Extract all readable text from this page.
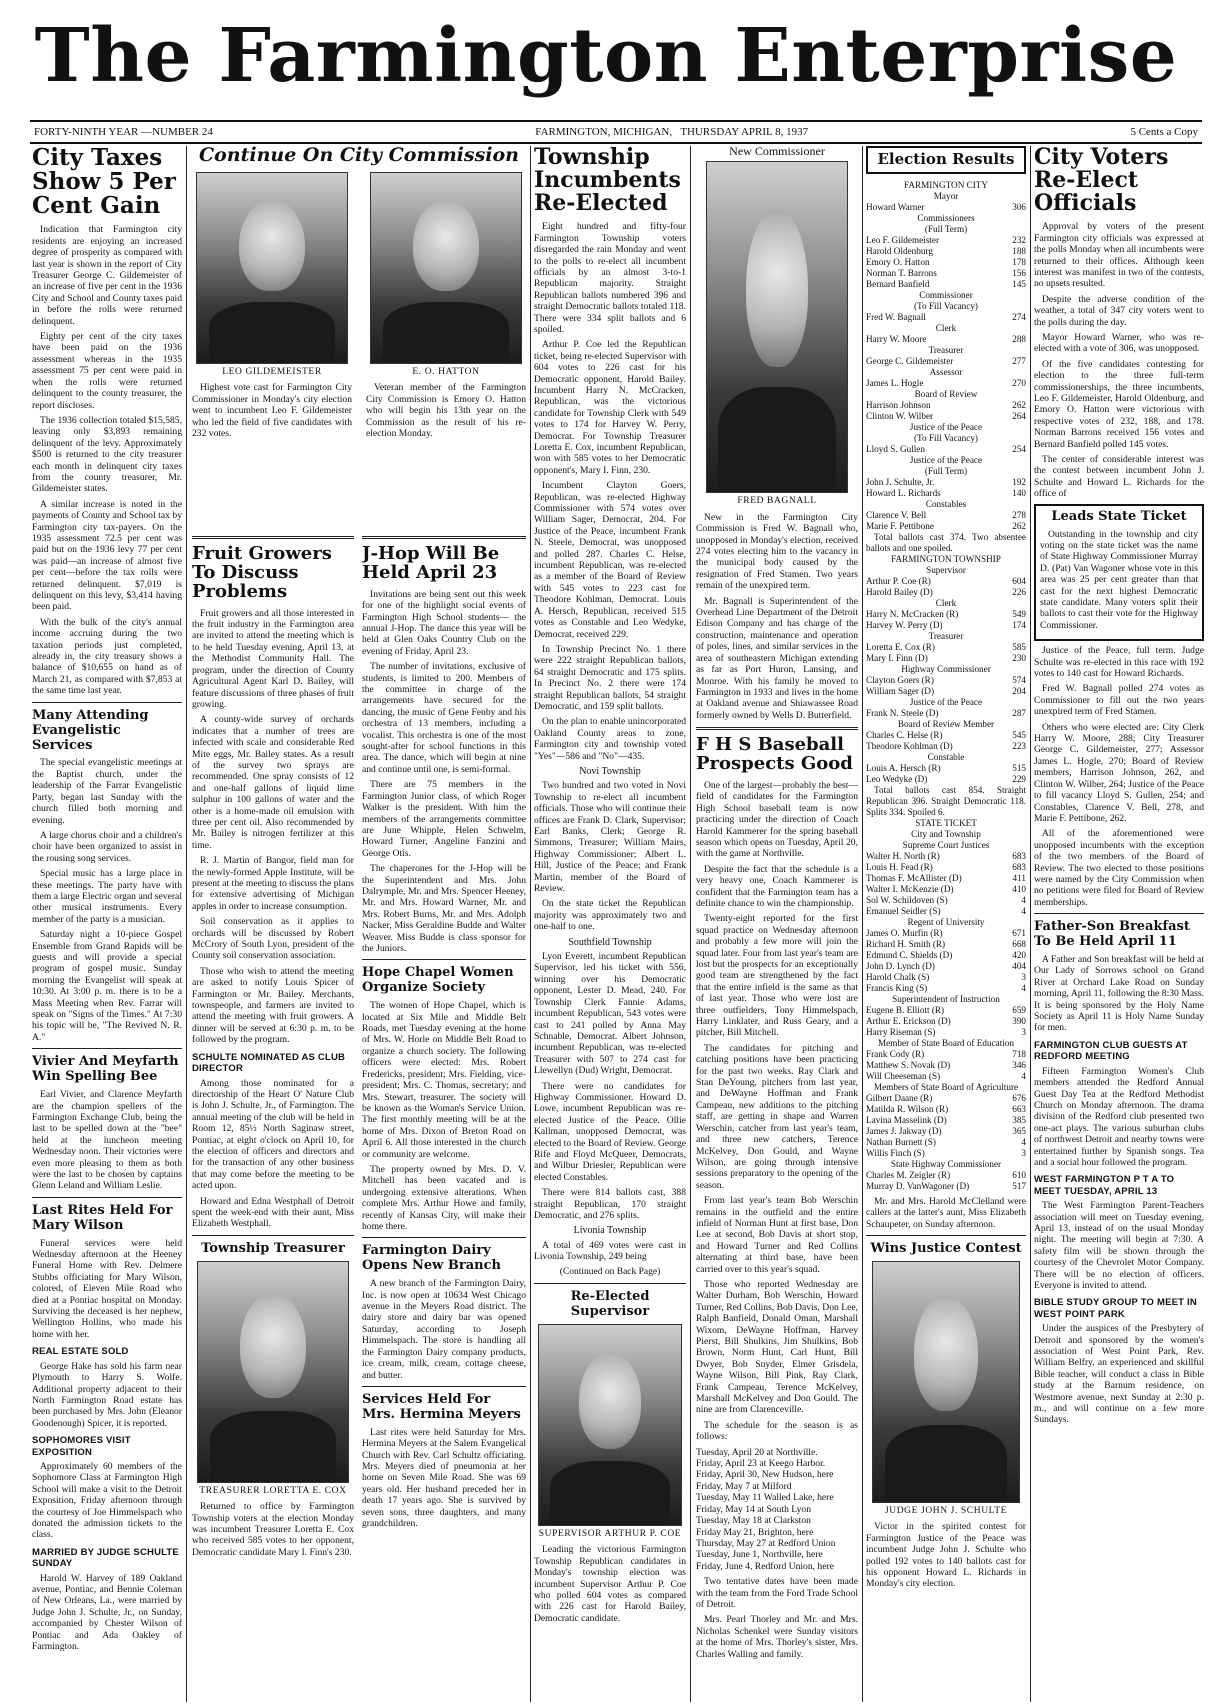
The Farmington Enterprise
FORTY-NINTH YEAR —NUMBER 24	FARMINGTON, MICHIGAN, THURSDAY APRIL 8, 1937	5 Cents a Copy
City Taxes Show 5 Per Cent Gain

Indication that Farmington city residents are enjoying an increased degree of prosperity as compared with last year is shown in the report of City Treasurer George C. Gildemeister of an increase of five per cent in the 1936 City and School and County taxes paid in before the rolls were returned delinquent.

Eighty per cent of the city taxes have been paid on the 1936 assessment whereas in the 1935 assessment 75 per cent were paid in when the rolls were returned delinquent to the county treasurer, the report discloses.

The 1936 collection totaled $15,585, leaving only $3,893 remaining delinquent of the levy. Approximately $500 is returned to the city treasurer each month in delinquent city taxes from the county treasurer, Mr. Gildemeister states.

A similar increase is noted in the payments of County and School tax by Farmington city tax-payers. On the 1935 assessment 72.5 per cent was paid but on the 1936 levy 77 per cent was paid—an increase of almost five per cent—before the tax rolls were returned delinquent. $7,019 is delinquent on this levy, $3,414 having been paid.

With the bulk of the city's annual income accruing during the two taxation periods just completed, already in, the city treasury shows a balance of $10,655 on hand as of March 21, as compared with $7,853 at the same time last year.

Many Attending Evangelistic Services

The special evangelistic meetings at the Baptist church, under the leadership of the Farrar Evangelistic Party, began last Sunday with the church filled both morning and evening.

A large chorus choir and a children's choir have been organized to assist in the rousing song services.

Special music has a large place in these meetings. The party have with them a large Electric organ and several other musical instruments. Every member of the party is a musician.

Saturday night a 10-piece Gospel Ensemble from Grand Rapids will be guests and will provide a special program of gospel music. Sunday morning the Evangelist will speak at 10:30. At 3:00 p. m. there is to be a Mass Meeting when Rev. Farrar will speak on "Signs of the Times." At 7:30 his topic will be, "The Revived N. R. A."

Vivier And Meyfarth Win Spelling Bee

Earl Vivier, and Clarence Meyfarth are the champion spellers of the Farmington Exchange Club, being the last to be spelled down at the "bee" held at the luncheon meeting Wednesday noon. Their victories were even more pleasing to them as both were the last to be chosen by captains Glenn Leland and William Leslie.

Last Rites Held For Mary Wilson

Funeral services were held Wednesday afternoon at the Heeney Funeral Home with Rev. Delmere Stubbs officiating for Mary Wilson, colored, of Eleven Mile Road who died at a Pontiac hospital on Monday. Surviving the deceased is her nephew, Wellington Hollins, who made his home with her.

REAL ESTATE SOLD

George Hake has sold his farm near Plymouth to Harry S. Wolfe. Additional property adjacent to their North Farmington Road estate has been purchased by Mrs. John (Eleanor Goodenough) Spicer, it is reported.

SOPHOMORES VISIT EXPOSITION

Approximately 60 members of the Sophomore Class at Farmington High School will make a visit to the Detroit Exposition, Friday afternoon through the courtesy of Joe Himmelspach who donated the admission tickets to the class.

MARRIED BY JUDGE SCHULTE SUNDAY

Harold W. Harvey of 189 Oakland avenue, Pontiac, and Bennie Coleman of New Orleans, La., were married by Judge John J. Schulte, Jr., on Sunday, accompanied by Chester Wilson of Pontiac and Ada Oakley of Farmington.

Continue On City Commission
LEO GILDEMEISTER

Highest vote cast for Farmington City Commissioner in Monday's city election went to incumbent Leo F. Gildemeister who led the field of five candidates with 232 votes.

E. O. HATTON

Veteran member of the Farmington City Commission is Emory O. Hatton who will begin his 13th year on the Commission as the result of his re-election Monday.

Fruit Growers To Discuss Problems

Fruit growers and all those interested in the fruit industry in the Farmington area are invited to attend the meeting which is to be held Tuesday evening, April 13, at the Methodist Community Hall. The program, under the direction of County Agricultural Agent Karl D. Bailey, will feature discussions of three phases of fruit growing.

A county-wide survey of orchards indicates that a number of trees are infected with scale and considerable Red Mite eggs, Mr. Bailey states. As a result of the survey two sprays are recommended. One spray consists of 12 and one-half gallons of liquid lime sulphur in 100 gallons of water and the other is a home-made oil emulsion with three per cent oil. Also recommended by Mr. Bailey is nitrogen fertilizer at this time.

R. J. Martin of Bangor, field man for the newly-formed Apple Institute, will be present at the meeting to discuss the plans for extensive advertising of Michigan apples in order to increase consumption.

Soil conservation as it applies to orchards will be discussed by Robert McCrory of South Lyon, president of the County soil conservation association.

Those who wish to attend the meeting are asked to notify Louis Spicer of Farmington or Mr. Bailey. Merchants, townspeople, and farmers are invited to attend the meeting with fruit growers. A dinner will be served at 6:30 p. m. to be followed by the program.

SCHULTE NOMINATED AS CLUB DIRECTOR

Among those nominated for a directorship of the Heart O' Nature Club is John J. Schulte, Jr., of Farmington. The annual meeting of the club will be held in Room 12, 85½ North Saginaw street, Pontiac, at eight o'clock on April 10, for the election of officers and directors and for the transaction of any other business that may come before the meeting to be acted upon.

Howard and Edna Westphall of Detroit spent the week-end with their aunt, Miss Elizabeth Westphall.

Township Treasurer
TREASURER LORETTA E. COX

Returned to office by Farmington Township voters at the election Monday was incumbent Treasurer Loretta E. Cox who received 585 votes to her opponent, Democratic candidate Mary I. Finn's 230.

J-Hop Will Be Held April 23

Invitations are being sent out this week for one of the highlight social events of Farmington High School students— the annual J-Hop. The dance this year will be held at Glen Oaks Country Club on the evening of Friday, April 23.

The number of invitations, exclusive of students, is limited to 200. Members of the committee in charge of the arrangements have secured for the dancing, the music of Gene Fenby and his orchestra of 13 members, including a vocalist. This orchestra is one of the most sought-after for school functions in this area. The dance, which will begin at nine and continue until one, is semi-formal.

There are 75 members in the Farmington Junior class, of which Roger Walker is the president. With him the members of the arrangements committee are June Whipple, Helen Schwelm, Howard Turner, Angeline Fanzini and George Otis.

The chaperones for the J-Hop will be the Superintendent and Mrs. John Dalrymple, Mr. and Mrs. Spencer Heeney, Mr. and Mrs. Howard Warner, Mr. and Mrs. Robert Burns, Mr. and Mrs. Adolph Nacker, Miss Geraldine Budde and Walter Weaver. Miss Budde is class sponsor for the Juniors.

Hope Chapel Women Organize Society

The women of Hope Chapel, which is located at Six Mile and Middle Belt Roads, met Tuesday evening at the home of Mrs. W. Horle on Middle Belt Road to organize a church society. The following officers were elected: Mrs. Robert Fredericks, president; Mrs. Fielding, vice-president; Mrs. C. Thomas, secretary; and Mrs. Stewart, treasurer. The society will be known as the Woman's Service Union. The first monthly meeting will be at the home of Mrs. Dixon of Breton Road on April 6. All those interested in the church or community are welcome.

The property owned by Mrs. D. V. Mitchell has been vacated and is undergoing extensive alterations. When complete Mrs. Arthur Howe and family, recently of Kansas City, will make their home there.

Farmington Dairy Opens New Branch

A new branch of the Farmington Dairy, Inc. is now open at 10634 West Chicago avenue in the Meyers Road district. The dairy store and dairy bar was opened Saturday, according to Joseph Himmelspach. The store is handling all the Farmington Dairy company products, ice cream, milk, cream, cottage cheese, and butter.

Services Held For Mrs. Hermina Meyers

Last rites were held Saturday for Mrs. Hermina Meyers at the Salem Evangelical Church with Rev. Carl Schultz officiating. Mrs. Meyers died of pneumonia at her home on Seven Mile Road. She was 69 years old. Her husband preceded her in death 17 years ago. She is survived by seven sons, three daughters, and many grandchildren.

Township Incumbents Re-Elected

Eight hundred and fifty-four Farmington Township voters disregarded the rain Monday and went to the polls to re-elect all incumbent officials by an almost 3-to-1 Republican majority. Straight Republican ballots numbered 396 and straight Democratic ballots totaled 118. There were 334 split ballots and 6 spoiled.

Arthur P. Coe led the Republican ticket, being re-elected Supervisor with 604 votes to 226 cast for his Democratic opponent, Harold Bailey. Incumbent Harry N. McCracken, Republican, was the victorious candidate for Township Clerk with 549 votes to 174 for Harvey W. Perry, Democrat. For Township Treasurer Loretta E. Cox, incumbent Republican, won with 585 votes to her Democratic opponent's, Mary I. Finn, 230.

Incumbent Clayton Goers, Republican, was re-elected Highway Commissioner with 574 votes over William Sager, Democrat, 204. For Justice of the Peace, incumbent Frank N. Steele, Democrat, was unopposed and polled 287. Charles C. Helse, incumbent Republican, was re-elected as a member of the Board of Review with 545 votes to 223 cast for Theodore Kohlman, Democrat. Louis A. Hersch, Republican, received 515 votes as Constable and Leo Wedyke, Democrat, received 229.

In Township Precinct No. 1 there were 222 straight Republican ballots, 64 straight Democratic and 175 splits. In Precinct No. 2 there were 174 straight Republican ballots, 54 straight Democratic, and 159 split ballots.

On the plan to enable unincorporated Oakland County areas to zone, Farmington city and township voted "Yes"—586 and "No"—435.

Novi Township

Two hundred and two voted in Novi Township to re-elect all incumbent officials. Those who will continue their offices are Frank D. Clark, Supervisor; Earl Banks, Clerk; George R. Simmons, Treasurer; William Mairs, Highway Commissioner; Albert L. Hill, Justice of the Peace; and Frank Martin, member of the Board of Review.

On the state ticket the Republican majority was approximately two and one-half to one.

Southfield Township

Lyon Everett, incumbent Republican Supervisor, led his ticket with 556, winning over his Democratic opponent, Lester D. Mead, 240. For Township Clerk Fannie Adams, incumbent Republican, 543 votes were cast to 241 polled by Anna May Schnable, Democrat. Albert Johnson, incumbent Republican, was re-elected Treasurer with 507 to 274 cast for Llewellyn (Dud) Wright, Democrat.

There were no candidates for Highway Commissioner. Howard D. Lowe, incumbent Republican was re-elected Justice of the Peace. Ollie Kallman, unopposed Democrat, was elected to the Board of Review. George Rife and Floyd McQueer, Democrats, and Wilbur Driesler, Republican were elected Constables.

There were 814 ballots cast, 388 straight Republican, 170 straight Democratic, and 276 splits.

Livonia Township

A total of 469 votes were cast in Livonia Township, 249 being

(Continued on Back Page)
Re-Elected Supervisor
SUPERVISOR ARTHUR P. COE

Leading the victorious Farmington Township Republican candidates in Monday's township election was incumbent Supervisor Arthur P. Coe who polled 604 votes as compared with 226 cast for Harold Bailey, Democratic candidate.

New Commissioner
FRED BAGNALL

New in the Farmington City Commission is Fred W. Bagnall who, unopposed in Monday's election, received 274 votes electing him to the vacancy in the municipal body caused by the resignation of Fred Stamen. Two years remain of the unexpired term.

Mr. Bagnall is Superintendent of the Overhead Line Department of the Detroit Edison Company and has charge of the construction, maintenance and operation of poles, lines, and similar services in the area of southeastern Michigan extending as far as Port Huron, Lansing, and Monroe. With his family he moved to Farmington in 1933 and lives in the home at Oakland avenue and Shiawassee Road formerly owned by Wells D. Butterfield.

F H S Baseball Prospects Good

One of the largest—probably the best—field of candidates for the Farmington High School baseball team is now practicing under the direction of Coach Harold Kammerer for the spring baseball season which opens on Tuesday, April 20, with the game at Northville.

Despite the fact that the schedule is a very heavy one, Coach Kammerer is confident that the Farmington team has a definite chance to win the championship.

Twenty-eight reported for the first squad practice on Wednesday afternoon and probably a few more will join the squad later. Four from last year's team are lost but the prospects for an exceptionally good team are strengthened by the fact that the entire infield is the same as that of last year. Those who were lost are three outfielders, Tony Himmelspach, Harry Linklater, and Russ Geary, and a pitcher, Bill Mitchell.

The candidates for pitching and catching positions have been practicing for the past two weeks. Ray Clark and Stan DeYoung, pitchers from last year, and DeWayne Hoffman and Frank Campeau, new additions to the pitching staff, are getting in shape and Warren Werschin, catcher from last year's team, and three new catchers, Terence McKelvey, Don Gould, and Wayne Wilson, are going through intensive sessions preparatory to the opening of the season.

From last year's team Bob Werschin remains in the outfield and the entire infield of Norman Hunt at first base, Don Lee at second, Bob Davis at short stop, and Howard Turner and Red Collins alternating at third base, have been carried over to this year's squad.

Those who reported Wednesday are Walter Durham, Bob Werschin, Howard Turner, Red Collins, Bob Davis, Don Lee, Ralph Banfield, Donald Oman, Marshall Wixom, DeWayne Hoffman, Harvey Pierst, Bill Shulkins, Jim Shulkins, Bob Brown, Norm Hunt, Carl Hunt, Bill Dwyer, Bob Snyder, Elmer Grisdela, Wayne Wilson, Bill Pink, Ray Clark, Frank Campeau, Terence McKelvey, Marshall McKelvey and Don Gould. The nine are from Clarenceville.

The schedule for the season is as follows:

Tuesday, April 20 at Northville.
Friday, April 23 at Keego Harbor.
Friday, April 30, New Hudson, here
Friday, May 7 at Milford
Tuesday, May 11 Walled Lake, here
Friday, May 14 at South Lyon
Tuesday, May 18 at Clarkston
Friday May 21, Brighton, here
Thursday, May 27 at Redford Union
Tuesday, June 1, Northville, here
Friday, June 4, Redford Union, here

Two tentative dates have been made with the team from the Ford Trade School of Detroit.

Mrs. Pearl Thorley and Mr. and Mrs. Nicholas Schenkel were Sunday visitors at the home of Mrs. Thorley's sister, Mrs. Charles Walling and family.

Election Results
FARMINGTON CITY
Mayor
Howard Warner	306
Commissioners
(Full Term)
Leo F. Gildemeister	232
Harold Oldenburg	188
Emory O. Hatton	178
Norman T. Barrons	156
Bernard Banfield	145
Commissioner
(To Fill Vacancy)
Fred W. Bagnall	274
Clerk
Harry W. Moore	288
Treasurer
George C. Gildemeister	277
Assessor
James L. Hogle	270
Board of Review
Harrison Johnson	262
Clinton W. Wilber	264
Justice of the Peace
(To Fill Vacancy)
Lloyd S. Gullen	254
Justice of the Peace
(Full Term)
John J. Schulte, Jr.	192
Howard L. Richards	140
Constables
Clarence V. Bell	278
Marie F. Pettibone	262
Total ballots cast 374. Two absentee ballots and one spoiled.
FARMINGTON TOWNSHIP
Supervisor
Arthur P. Coe (R)	604
Harold Bailey (D)	226
Clerk
Harry N. McCracken (R)	549
Harvey W. Perry (D)	174
Treasurer
Loretta E. Cox (R)	585
Mary I. Finn (D)	230
Highway Commissioner
Clayton Goers (R)	574
William Sager (D)	204
Justice of the Peace
Frank N. Steele (D)	287
Board of Review Member
Charles C. Helse (R)	545
Theodore Kohlman (D)	223
Constable
Louis A. Hersch (R)	515
Leo Wedyke (D)	229
Total ballots cast 854. Straight Republican 396. Straight Democratic 118. Splits 334. Spoiled 6.
STATE TICKET
City and Township
Supreme Court Justices
Walter H. North (R)	683
Louis H. Fead (R)	683
Thomas F. McAllister (D)	411
Walter I. McKenzie (D)	410
Sol W. Schildoven (S)	4
Emanuel Seidler (S)	4
Regent of University
James O. Murfin (R)	671
Richard H. Smith (R)	668
Edmund C. Shields (D)	420
John D. Lynch (D)	404
Harold Chalk (S)	3
Francis King (S)	4
Superintendent of Instruction
Eugene B. Elliott (R)	659
Arthur E. Erickson (D)	390
Harry Riseman (S)	3
Member of State Board of Education
Frank Cody (R)	718
Matthew S. Novak (D)	346
Will Cheeseman (S)	4
Members of State Board of Agriculture
Gilbert Daane (R)	676
Matilda R. Wilson (R)	663
Lavina Masselink (D)	385
James J. Jakway (D)	365
Nathan Burnett (S)	4
Willis Finch (S)	3
State Highway Commissioner
Charles M. Zeigler (R)	610
Murray D. VanWagoner (D)	517

Mr. and Mrs. Harold McClelland were callers at the latter's aunt, Miss Elizabeth Schaupeter, on Sunday afternoon.

Wins Justice Contest
JUDGE JOHN J. SCHULTE

Victor in the spirited contest for Farmington Justice of the Peace was incumbent Judge John J. Schulte who polled 192 votes to 140 ballots cast for his opponent Howard L. Richards in Monday's city election.

City Voters Re-Elect Officials

Approval by voters of the present Farmington city officials was expressed at the polls Monday when all incumbents were returned to their offices. Although keen interest was manifest in two of the contests, no upsets resulted.

Despite the adverse condition of the weather, a total of 347 city voters went to the polls during the day.

Mayor Howard Warner, who was re-elected with a vote of 306, was unopposed.

Of the five candidates contesting for election to the three full-term commissionerships, the three incumbents, Leo F. Gildemeister, Harold Oldenburg, and Emory O. Hatton were victorious with respective votes of 232, 188, and 178. Norman Barrons received 156 votes and Bernard Banfield polled 145 votes.

The center of considerable interest was the contest between incumbent John J. Schulte and Howard L. Richards for the office of

Leads State Ticket

Outstanding in the township and city voting on the state ticket was the name of State Highway Commissioner Murray D. (Pat) Van Wagoner whose vote in this area was 25 per cent greater than that cast for the next highest Democratic state candidate. Many voters split their ballots to cast their vote for the Highway Commissioner.

Justice of the Peace, full term. Judge Schulte was re-elected in this race with 192 votes to 140 cast for Howard Richards.

Fred W. Bagnall polled 274 votes as Commissioner to fill out the two years unexpired term of Fred Stamen.

Others who were elected are: City Clerk Harry W. Moore, 288; City Treasurer George C. Gildemeister, 277; Assessor James L. Hogle, 270; Board of Review members, Harrison Johnson, 262, and Clinton W. Wilber, 264; Justice of the Peace to fill vacancy Lloyd S. Gullen, 254; and Constables, Clarence V. Bell, 278, and Marie F. Pettibone, 262.

All of the aforementioned were unopposed incumbents with the exception of the two members of the Board of Review. The two elected to those positions were named by the City Commission when no petitions were filed for Board of Review memberships.

Father-Son Breakfast To Be Held April 11

A Father and Son breakfast will be held at Our Lady of Sorrows school on Grand River at Orchard Lake Road on Sunday morning, April 11, following the 8:30 Mass. It is being sponsored by the Holy Name Society as April 11 is Holy Name Sunday for men.

FARMINGTON CLUB GUESTS AT REDFORD MEETING

Fifteen Farmington Women's Club members attended the Redford Annual Guest Day Tea at the Redford Methodist Church on Monday afternoon. The drama division of the Redford club presented two one-act plays. The various suburban clubs of northwest Detroit and nearby towns were entertained further by Spanish songs. Tea and a social hour followed the program.

WEST FARMINGTON P T A TO MEET TUESDAY, APRIL 13

The West Farmington Parent-Teachers association will meet on Tuesday evening, April 13, instead of on the usual Monday night. The meeting will begin at 7:30. A safety film will be shown through the courtesy of the Chevrolet Motor Company. There will be no election of officers. Everyone is invited to attend.

BIBLE STUDY GROUP TO MEET IN WEST POINT PARK

Under the auspices of the Presbytery of Detroit and sponsored by the women's association of West Point Park, Rev. William Belfry, an experienced and skillful Bible teacher, will conduct a class in Bible study at the Barnum residence, on Westmore avenue, next Sunday at 2:30 p. m., and will continue on a few more Sundays.
